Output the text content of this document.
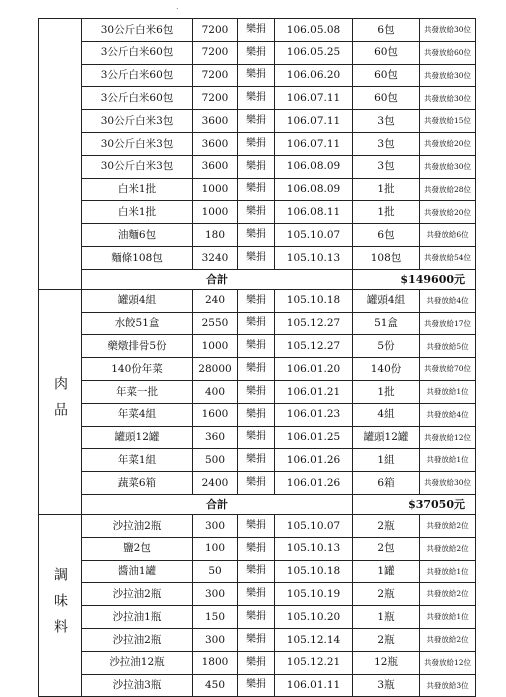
.
	30公斤白米6包	7200	樂捐	106.05.08	6包	共發放給30位
	3公斤白米60包	7200	樂捐	106.05.25	60包	共發放給60位
	3公斤白米60包	7200	樂捐	106.06.20	60包	共發放給30位
	3公斤白米60包	7200	樂捐	106.07.11	60包	共發放給30位
	30公斤白米3包	3600	樂捐	106.07.11	3包	共發放給15位
	30公斤白米3包	3600	樂捐	106.07.11	3包	共發放給20位
	30公斤白米3包	3600	樂捐	106.08.09	3包	共發放給30位
	白米1批	1000	樂捐	106.08.09	1批	共發放給28位
	白米1批	1000	樂捐	106.08.11	1批	共發放給20位
	油麵6包	180	樂捐	105.10.07	6包	共發放給6位
	麵條108包	3240	樂捐	105.10.13	108包	共發放給54位
	合計				$149600元	
肉品	罐頭4組	240	樂捐	105.10.18	罐頭4組	共發放給4位
	水餃51盒	2550	樂捐	105.12.27	51盒	共發放給17位
	藥燉排骨5份	1000	樂捐	105.12.27	5份	共發放給5位
	140份年菜	28000	樂捐	106.01.20	140份	共發放給70位
	年菜一批	400	樂捐	106.01.21	1批	共發放給1位
	年菜4組	1600	樂捐	106.01.23	4組	共發放給4位
	罐頭12罐	360	樂捐	106.01.25	罐頭12罐	共發放給12位
	年菜1組	500	樂捐	106.01.26	1組	共發放給1位
	蔬菜6箱	2400	樂捐	106.01.26	6箱	共發放給30位
	合計				$37050元	
調味料	沙拉油2瓶	300	樂捐	105.10.07	2瓶	共發放給2位
	鹽2包	100	樂捐	105.10.13	2包	共發放給2位
	醬油1罐	50	樂捐	105.10.18	1罐	共發放給1位
	沙拉油2瓶	300	樂捐	105.10.19	2瓶	共發放給2位
	沙拉油1瓶	150	樂捐	105.10.20	1瓶	共發放給1位
	沙拉油2瓶	300	樂捐	105.12.14	2瓶	共發放給2位
	沙拉油12瓶	1800	樂捐	105.12.21	12瓶	共發放給12位
	沙拉油3瓶	450	樂捐	106.01.11	3瓶	共發放給3位
